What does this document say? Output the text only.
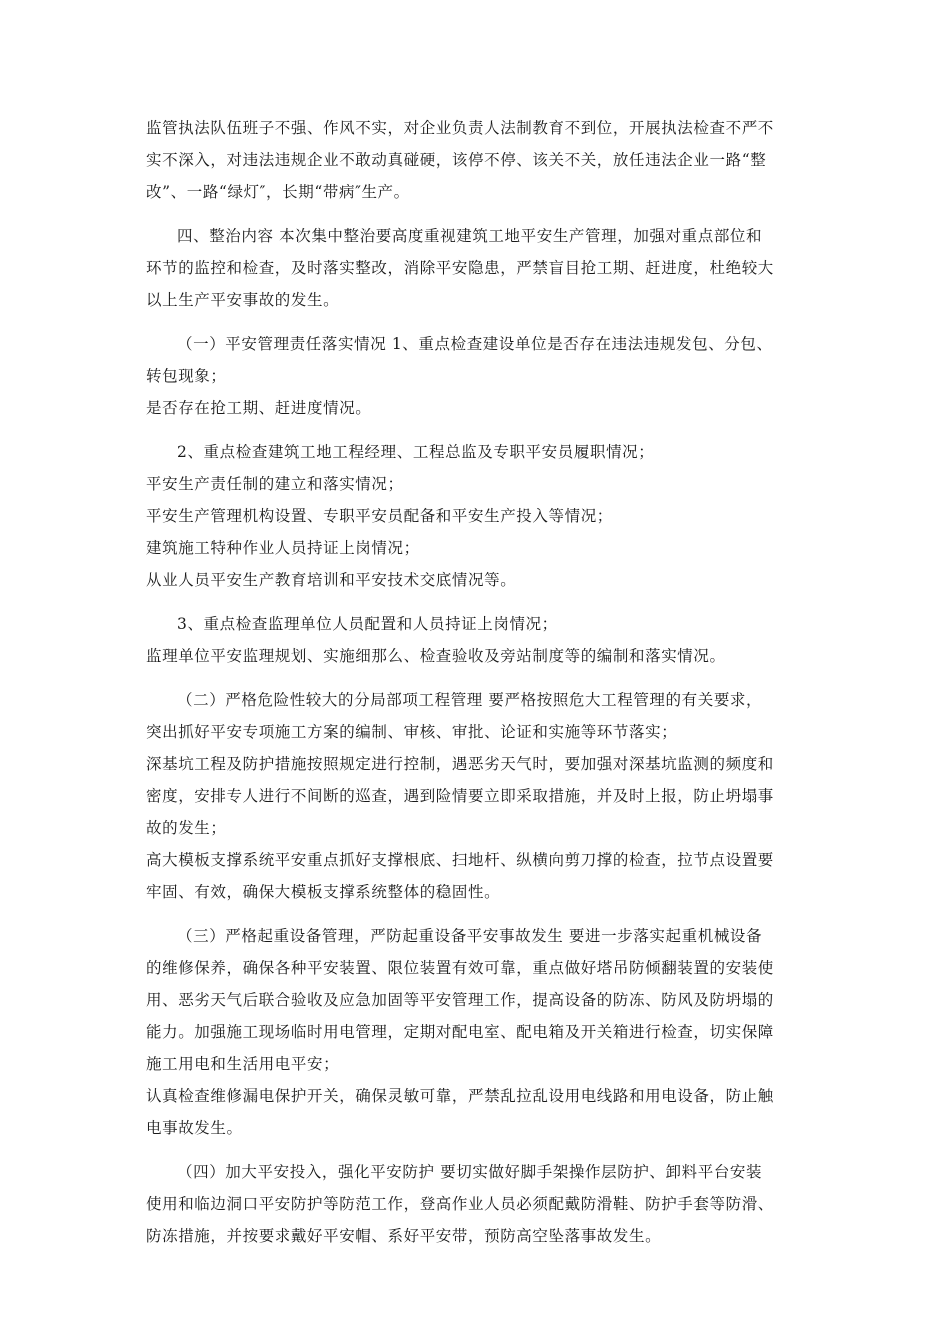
监管执法队伍班子不强、作风不实，对企业负责人法制教育不到位，开展执法检查不严不
实不深入，对违法违规企业不敢动真碰硬，该停不停、该关不关，放任违法企业一路“整
改”、一路“绿灯″，长期“带病″生产。

四、整治内容 本次集中整治要高度重视建筑工地平安生产管理，加强对重点部位和
环节的监控和检查，及时落实整改，消除平安隐患，严禁盲目抢工期、赶进度，杜绝较大
以上生产平安事故的发生。

（一）平安管理责任落实情况 1、重点检查建设单位是否存在违法违规发包、分包、
转包现象；
是否存在抢工期、赶进度情况。

2、重点检查建筑工地工程经理、工程总监及专职平安员履职情况；
平安生产责任制的建立和落实情况；
平安生产管理机构设置、专职平安员配备和平安生产投入等情况；
建筑施工特种作业人员持证上岗情况；
从业人员平安生产教育培训和平安技术交底情况等。

3、重点检查监理单位人员配置和人员持证上岗情况；
监理单位平安监理规划、实施细那么、检查验收及旁站制度等的编制和落实情况。

（二）严格危险性较大的分局部项工程管理 要严格按照危大工程管理的有关要求，
突出抓好平安专项施工方案的编制、审核、审批、论证和实施等环节落实；
深基坑工程及防护措施按照规定进行控制，遇恶劣天气时，要加强对深基坑监测的频度和
密度，安排专人进行不间断的巡查，遇到险情要立即采取措施，并及时上报，防止坍塌事
故的发生；
高大模板支撑系统平安重点抓好支撑根底、扫地杆、纵横向剪刀撑的检查，拉节点设置要
牢固、有效，确保大模板支撑系统整体的稳固性。

（三）严格起重设备管理，严防起重设备平安事故发生 要进一步落实起重机械设备
的维修保养，确保各种平安装置、限位装置有效可靠，重点做好塔吊防倾翻装置的安装使
用、恶劣天气后联合验收及应急加固等平安管理工作，提高设备的防冻、防风及防坍塌的
能力。加强施工现场临时用电管理，定期对配电室、配电箱及开关箱进行检查，切实保障
施工用电和生活用电平安；
认真检查维修漏电保护开关，确保灵敏可靠，严禁乱拉乱设用电线路和用电设备，防止触
电事故发生。

（四）加大平安投入，强化平安防护 要切实做好脚手架操作层防护、卸料平台安装
使用和临边洞口平安防护等防范工作，登高作业人员必须配戴防滑鞋、防护手套等防滑、
防冻措施，并按要求戴好平安帽、系好平安带，预防高空坠落事故发生。
